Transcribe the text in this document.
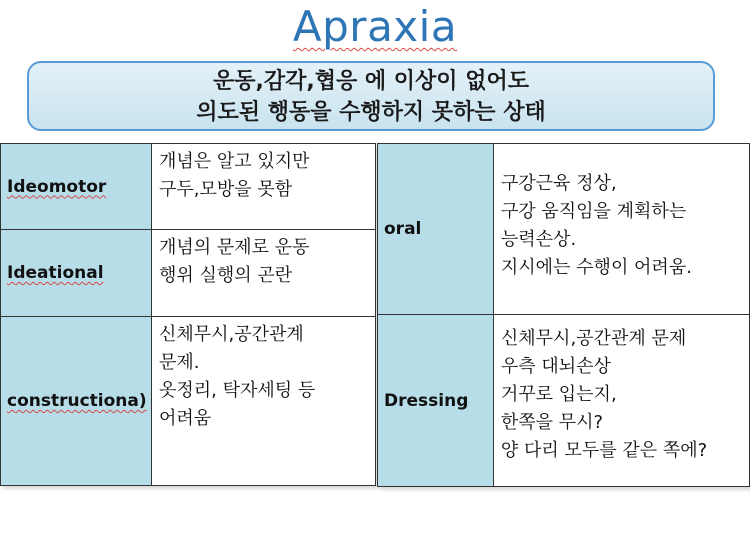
Apraxia
운동,감각,협응 에 이상이 없어도
의도된 행동을 수행하지 못하는 상태
Ideomotor	개념은 알고 있지만
구두,모방을 못함

Ideational	개념의 문제로 운동
행위 실행의 곤란

constructiona)	신체무시,공간관계
문제.
옷정리, 탁자세팅 등
어려움
oral	구강근육 정상,
구강 움직임을 계획하는
능력손상.
지시에는 수행이 어려움.

Dressing	신체무시,공간관계 문제
우측 대뇌손상
거꾸로 입는지,
한쪽을 무시?
양 다리 모두를 같은 쪽에?
